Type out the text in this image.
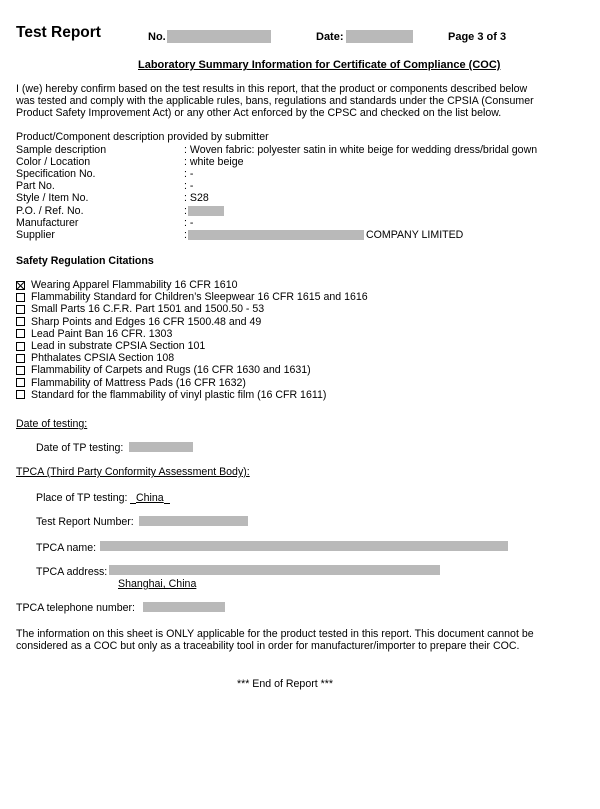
Test Report	No.	Date:	Page 3 of 3
Laboratory Summary Information for Certificate of Compliance (COC)

I (we) hereby confirm based on the test results in this report, that the product or components described below

was tested and comply with the applicable rules, bans, regulations and standards under the CPSIA (Consumer

Product Safety Improvement Act) or any other Act enforced by the CPSC and checked on the list below.

Product/Component description provided by submitter
Sample description	: Woven fabric: polyester satin in white beige for wedding dress/bridal gown
Color / Location	: white beige
Specification No.	: -
Part No.	: -
Style / Item No.	: S28
P.O. / Ref. No.	:
Manufacturer	: -
Supplier	:	COMPANY LIMITED
Safety Regulation Citations
Wearing Apparel Flammability 16 CFR 1610
Flammability Standard for Children’s Sleepwear 16 CFR 1615 and 1616
Small Parts 16 C.F.R. Part 1501 and 1500.50 - 53
Sharp Points and Edges 16 CFR 1500.48 and 49
Lead Paint Ban 16 CFR. 1303
Lead in substrate CPSIA Section 101
Phthalates CPSIA Section 108
Flammability of Carpets and Rugs (16 CFR 1630 and 1631)
Flammability of Mattress Pads (16 CFR 1632)
Standard for the flammability of vinyl plastic film (16 CFR 1611)
Date of testing:
Date of TP testing:
TPCA (Third Party Conformity Assessment Body):
Place of TP testing: China
Test Report Number:
TPCA name:
TPCA address:
Shanghai, China
TPCA telephone number:

The information on this sheet is ONLY applicable for the product tested in this report. This document cannot be

considered as a COC but only as a traceability tool in order for manufacturer/importer to prepare their COC.

*** End of Report ***
